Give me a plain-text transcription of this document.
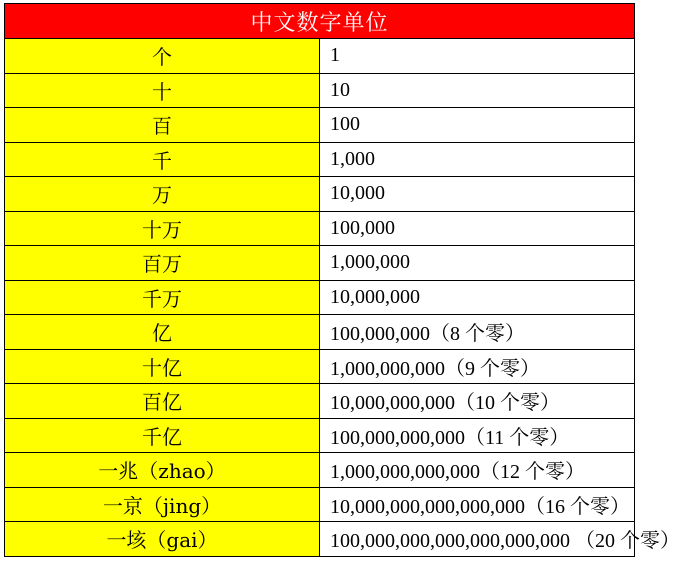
中文数字单位	
个	1
十	10
百	100
千	1,000
万	10,000
十万	100,000
百万	1,000,000
千万	10,000,000
亿	100,000,000（8 个零）
十亿	1,000,000,000（9 个零）
百亿	10,000,000,000（10 个零）
千亿	100,000,000,000（11 个零）
一兆（zhao）	1,000,000,000,000（12 个零）
一京（jing）	10,000,000,000,000,000（16 个零）
一垓（gai）	100,000,000,000,000,000,000 （20 个零）
